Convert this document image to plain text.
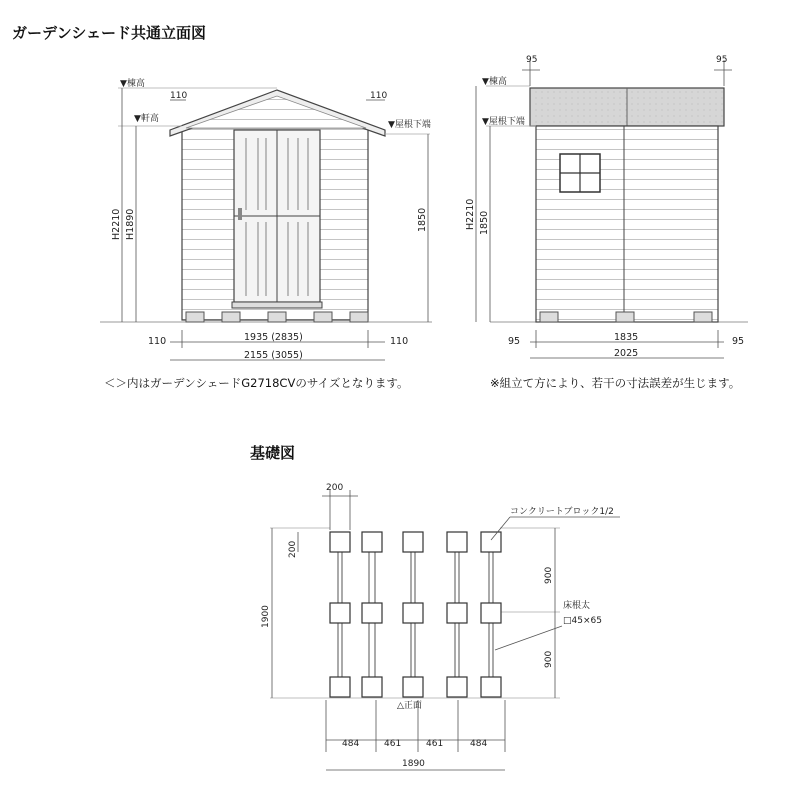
ガーデンシェード共通立面図
基礎図
＜＞内はガーデンシェードG2718CVのサイズとなります。	※組立て方により、若干の寸法誤差が生じます。
▼棟高
▼軒高
▼屋根下端
110	110
H2210 H1890	1850
110	110
1935 (2835)
2155 (3055)
▼棟高
▼屋根下端
95	95
H2210 1850
95	95
1835
2025
200
200
1900
900
900
コンクリートブロック1/2
床根太
□45×65
△正面
484	461	461	484
1890
